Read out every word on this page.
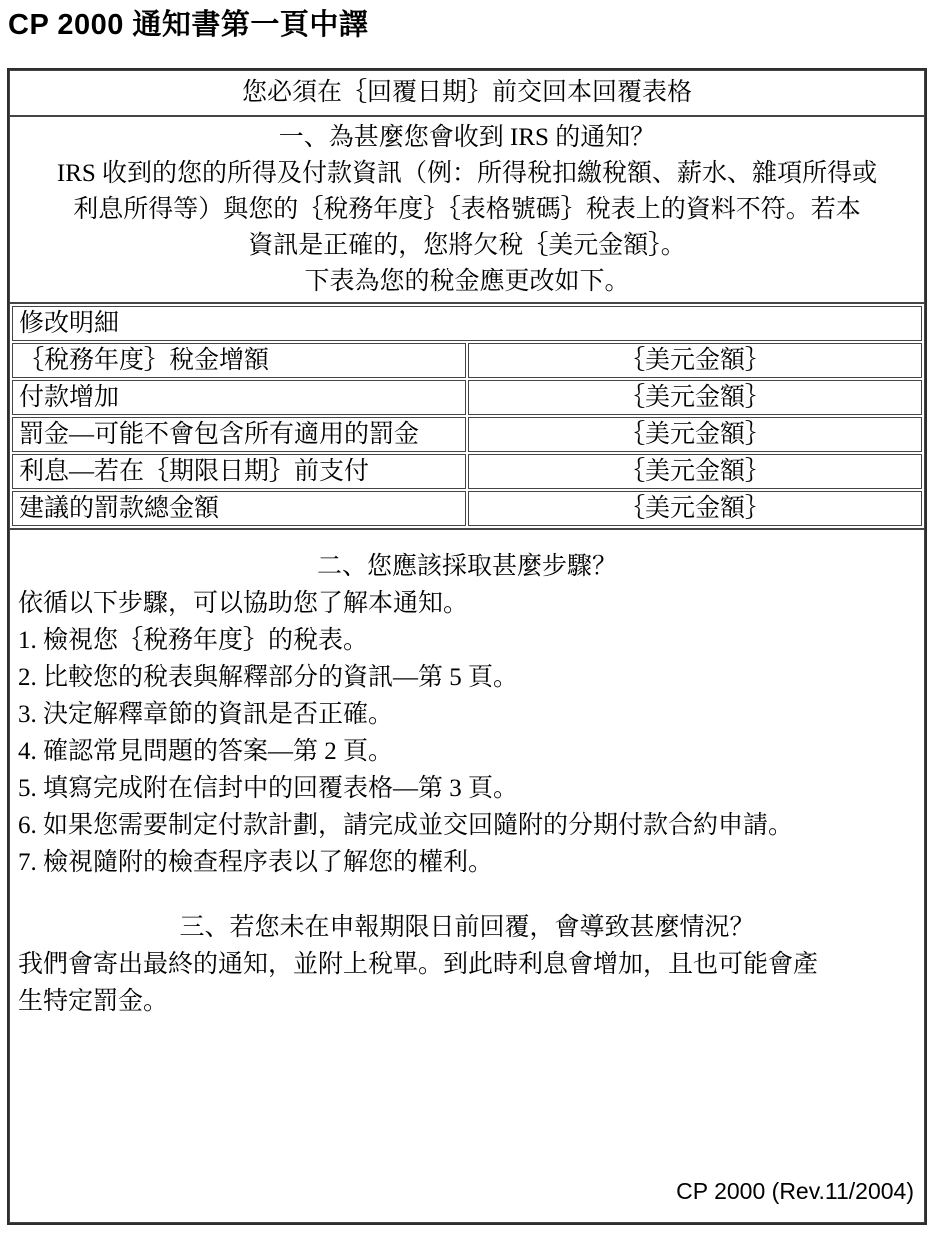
CP 2000 通知書第一頁中譯
您必須在｛回覆日期｝前交回本回覆表格

一、為甚麼您會收到 IRS 的通知？
IRS 收到的您的所得及付款資訊（例：所得稅扣繳稅額、薪水、雜項所得或
利息所得等）與您的｛稅務年度｝｛表格號碼｝稅表上的資料不符。若本
資訊是正確的，您將欠稅｛美元金額｝。
下表為您的稅金應更改如下。

修改明細
｛稅務年度｝稅金增額	｛美元金額｝
付款增加	｛美元金額｝
罰金—可能不會包含所有適用的罰金	｛美元金額｝
利息—若在｛期限日期｝前支付	｛美元金額｝
建議的罰款總金額	｛美元金額｝

二、您應該採取甚麼步驟？
依循以下步驟，可以協助您了解本通知。
1. 檢視您｛稅務年度｝的稅表。
2. 比較您的稅表與解釋部分的資訊—第 5 頁。
3. 決定解釋章節的資訊是否正確。
4. 確認常見問題的答案—第 2 頁。
5. 填寫完成附在信封中的回覆表格—第 3 頁。
6. 如果您需要制定付款計劃，請完成並交回隨附的分期付款合約申請。
7. 檢視隨附的檢查程序表以了解您的權利。
三、若您未在申報期限日前回覆，會導致甚麼情況？
我們會寄出最終的通知，並附上稅單。到此時利息會增加，且也可能會產
生特定罰金。
CP 2000 (Rev.11/2004)
